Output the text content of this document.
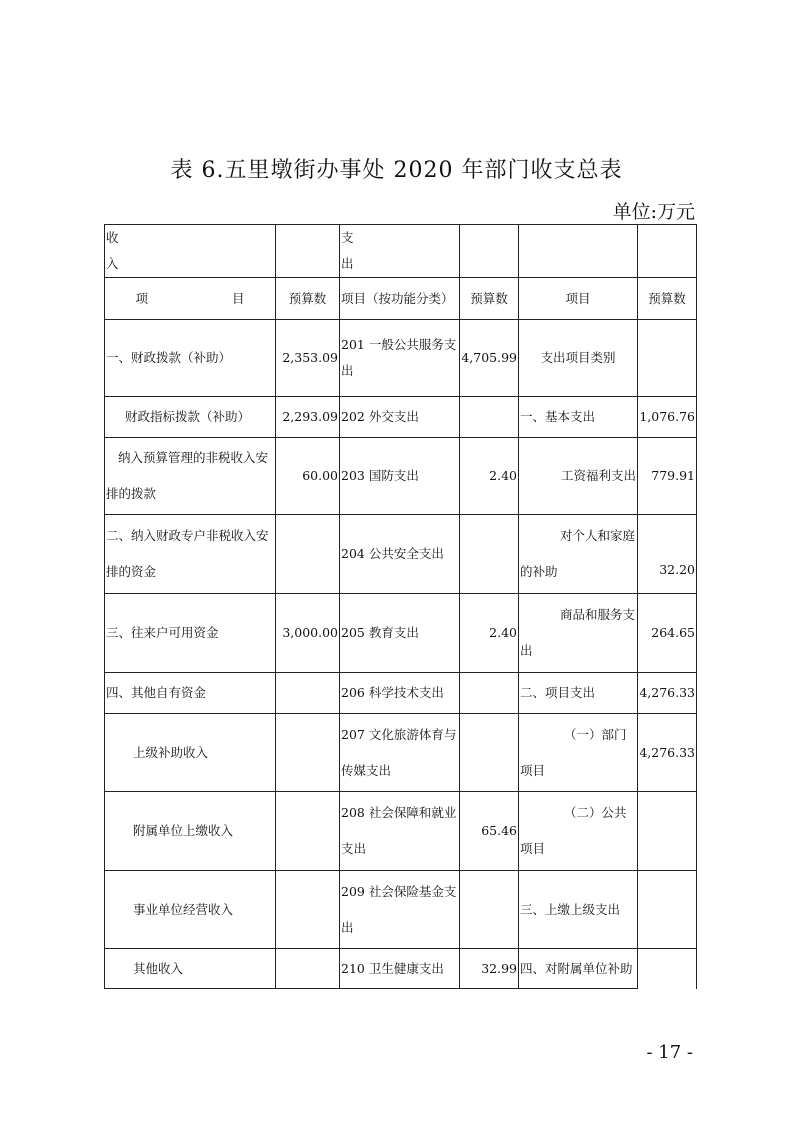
表 6.五里墩街办事处 2020 年部门收支总表
单位:万元
收 入		支 出			
项 目	预算数	项目（按功能分类）	预算数	项目	预算数
一、财政拨款（补助）	2,353.09	201 一般公共服务支出	4,705.99	支出项目类别	
财政指标拨款（补助）	2,293.09	202 外交支出		一、基本支出	1,076.76
纳入预算管理的非税收入安排的拨款	60.00	203 国防支出	2.40	工资福利支出	779.91
二、纳入财政专户非税收入安排的资金		204 公共安全支出		对个人和家庭的补助	32.20
三、往来户可用资金	3,000.00	205 教育支出	2.40	商品和服务支出	264.65
四、其他自有资金		206 科学技术支出		二、项目支出	4,276.33
上级补助收入		207 文化旅游体育与传媒支出		（一）部门项目	4,276.33
附属单位上缴收入		208 社会保障和就业支出	65.46	（二）公共项目	
事业单位经营收入		209 社会保险基金支出		三、上缴上级支出	
其他收入		210 卫生健康支出	32.99	四、对附属单位补助	
- 17 -
